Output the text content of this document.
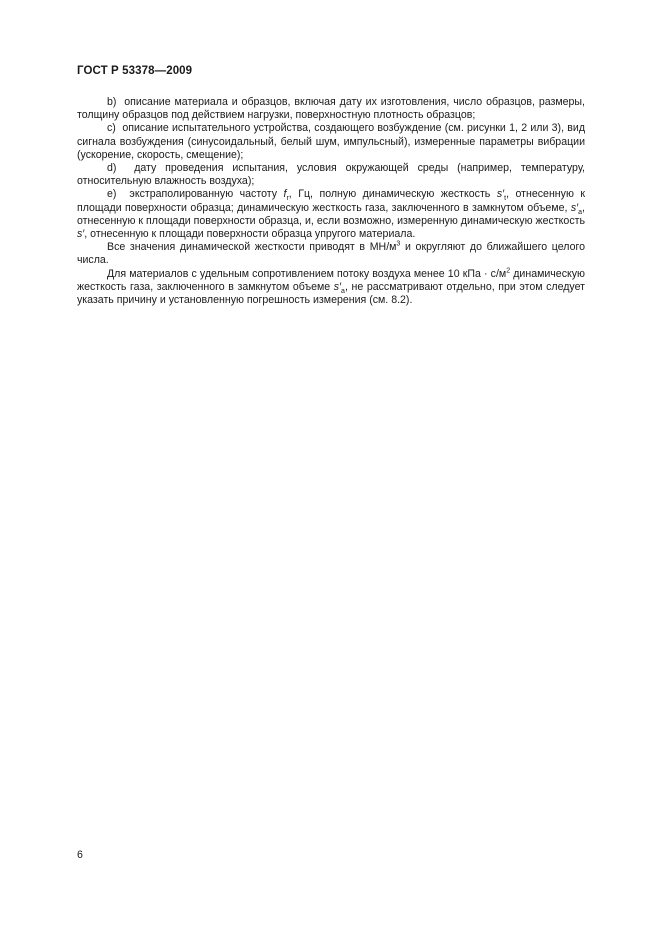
ГОСТ Р 53378—2009

b) описание материала и образцов, включая дату их изготовления, число образцов, размеры, толщину образцов под действием нагрузки, поверхностную плотность образцов;

с) описание испытательного устройства, создающего возбуждение (см. рисунки 1, 2 или 3), вид сигнала возбуждения (синусоидальный, белый шум, импульсный), измеренные параметры вибрации (ускорение, скорость, смещение);

d) дату проведения испытания, условия окружающей среды (например, температуру, относительную влажность воздуха);

е) экстраполированную частоту $f_r$, Гц, полную динамическую жесткость $s'_t$, отнесенную к площади поверхности образца; динамическую жесткость газа, заключенного в замкнутом объеме, $s'_a$, отнесенную к площади поверхности образца, и, если возможно, измеренную динамическую жесткость s′, отнесенную к площади поверхности образца упругого материала.

Все значения динамической жесткости приводят в $МН/м^3$ и округляют до ближайшего целого числа.

Для материалов с удельным сопротивлением потоку воздуха менее 10 кПа · $с/м^2$ динамическую жесткость газа, заключенного в замкнутом объеме $s'_a$, не рассматривают отдельно, при этом следует указать причину и установленную погрешность измерения (см. 8.2).

6
